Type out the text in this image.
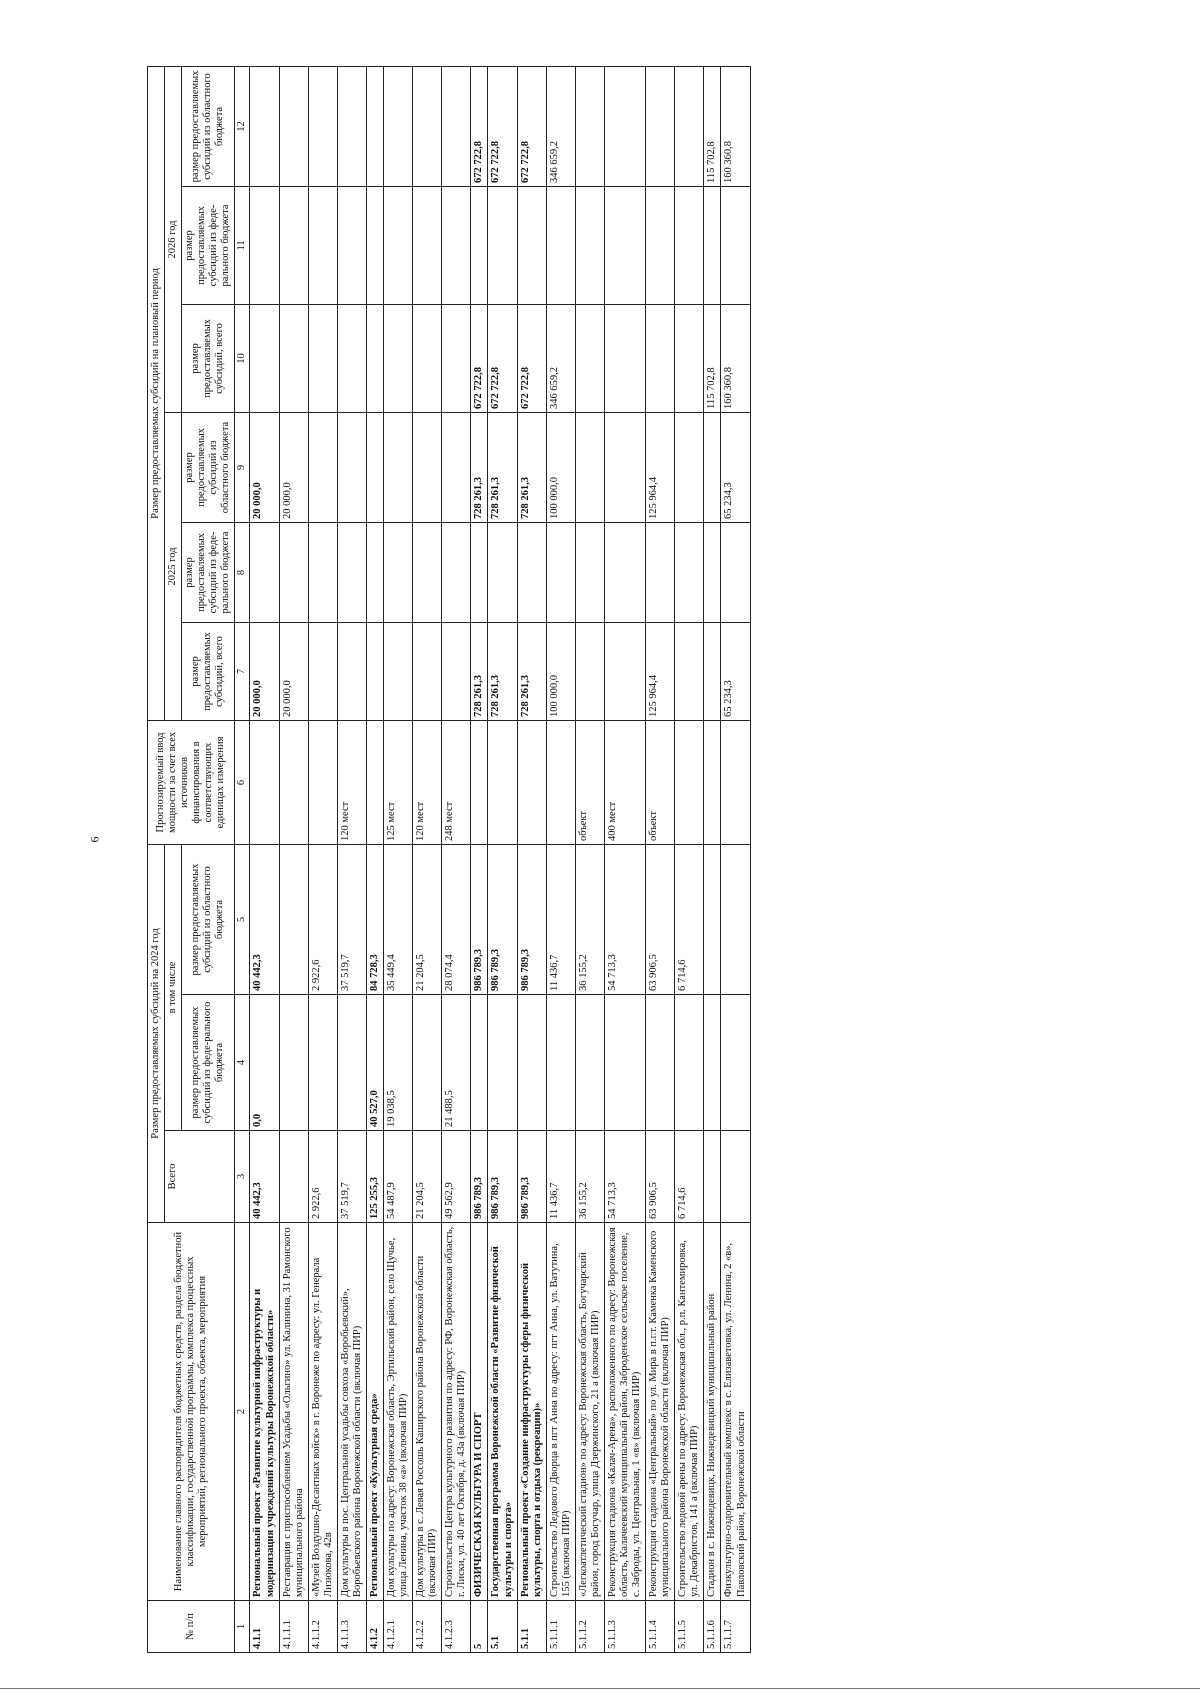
6
№ п/п	Наименование главного распорядителя бюджетных средств, раздела бюджетной классификации, государственной программы, комплекса процессных мероприятий, регионального проекта, объекта, мероприятия	Размер предоставляемых субсидий на 2024 год			Прогнозируемый ввод мощности за счет всех источников финансирования в соответствующих единицах измерения	Размер предоставляемых субсидий на плановый период					
		Всего	в том числе			2025 год			2026 год		
			размер предоставляемых субсидий из феде-рального бюджета	размер предоставляемых субсидий из областного бюджета		размер предоставляемых субсидий, всего	размер предоставляемых субсидий из феде-рального бюджета	размер предоставляемых субсидий из областного бюджета	размер предоставляемых субсидий, всего	размер предоставляемых субсидий из феде-рального бюджета	размер предоставляемых субсидий из областного бюджета

1	2	3	4	5	6	7	8	9	10	11	12
4.1.1	Региональный проект «Развитие культурной инфраструктуры и модернизация учреждений культуры Воронежской области»	40 442,3	0,0	40 442,3		20 000,0		20 000,0			
4.1.1.1	Реставрация с приспособлением Усадьбы «Ольгино» ул. Калинина, 31 Рамонского муниципального района					20 000,0		20 000,0			
4.1.1.2	«Музей Воздушно-Десантных войск» в г. Воронеже по адресу: ул. Генерала Лизюкова, 42в	2 922,6		2 922,6							
4.1.1.3	Дом культуры в пос. Центральной усадьбы совхоза «Воробьевский», Воробьевского района Воронежской области (включая ПИР)	37 519,7		37 519,7	120 мест						
4.1.2	Региональный проект «Культурная среда»	125 255,3	40 527,0	84 728,3							
4.1.2.1	Дом культуры по адресу: Воронежская область, Эртильский район, село Щучье, улица Ленина, участок 38 «а» (включая ПИР)	54 487,9	19 038,5	35 449,4	125 мест						
4.1.2.2	Дом культуры в с. Левая Россошь Каширского района Воронежской области (включая ПИР)	21 204,5		21 204,5	120 мест						
4.1.2.3	Строительство Центра культурного развития по адресу: РФ, Воронежская область, г. Лиски, ул. 40 лет Октября, д. 43а (включая ПИР)	49 562,9	21 488,5	28 074,4	248 мест						
5	ФИЗИЧЕСКАЯ КУЛЬТУРА И СПОРТ	986 789,3		986 789,3		728 261,3		728 261,3	672 722,8		672 722,8
5.1	Государственная программа Воронежской области «Развитие физической культуры и спорта»	986 789,3		986 789,3		728 261,3		728 261,3	672 722,8		672 722,8
5.1.1	Региональный проект «Создание инфраструктуры сферы физической культуры, спорта и отдыха (рекреации)»	986 789,3		986 789,3		728 261,3		728 261,3	672 722,8		672 722,8
5.1.1.1	Строительство Ледового Дворца в пгт Анна по адресу: пгт Анна, ул. Ватутина, 155 (включая ПИР)	11 436,7		11 436,7		100 000,0		100 000,0	346 659,2		346 659,2
5.1.1.2	«Легкоатлетический стадион» по адресу: Воронежская область, Богучарский район, город Богучар, улица Дзержинского, 21 а (включая ПИР)	36 155,2		36 155,2	объект						
5.1.1.3	Реконструкция стадиона «Калач-Арена», расположенного по адресу: Воронежская область, Калачеевский муниципальный район, Заброденское сельское поселение, с. Заброды, ул. Центральная, 1 «в» (включая ПИР)	54 713,3		54 713,3	400 мест						
5.1.1.4	Реконструкция стадиона «Центральный» по ул. Мира в п.г.т. Каменка Каменского муниципального района Воронежской области (включая ПИР)	63 906,5		63 906,5	объект	125 964,4		125 964,4			
5.1.1.5	Строительство ледовой арены по адресу: Воронежская обл., р.п. Кантемировка, ул. Декабристов, 141 а (включая ПИР)	6 714,6		6 714,6							
5.1.1.6	Стадион в с. Нижнедевицк, Нижнедевицкий муниципальный район								115 702,8		115 702,8
5.1.1.7	Физкультурно-оздоровительный комплекс в с. Елизаветовка, ул. Ленина, 2 «в», Павловский район, Воронежской области					65 234,3		65 234,3	160 360,8		160 360,8
